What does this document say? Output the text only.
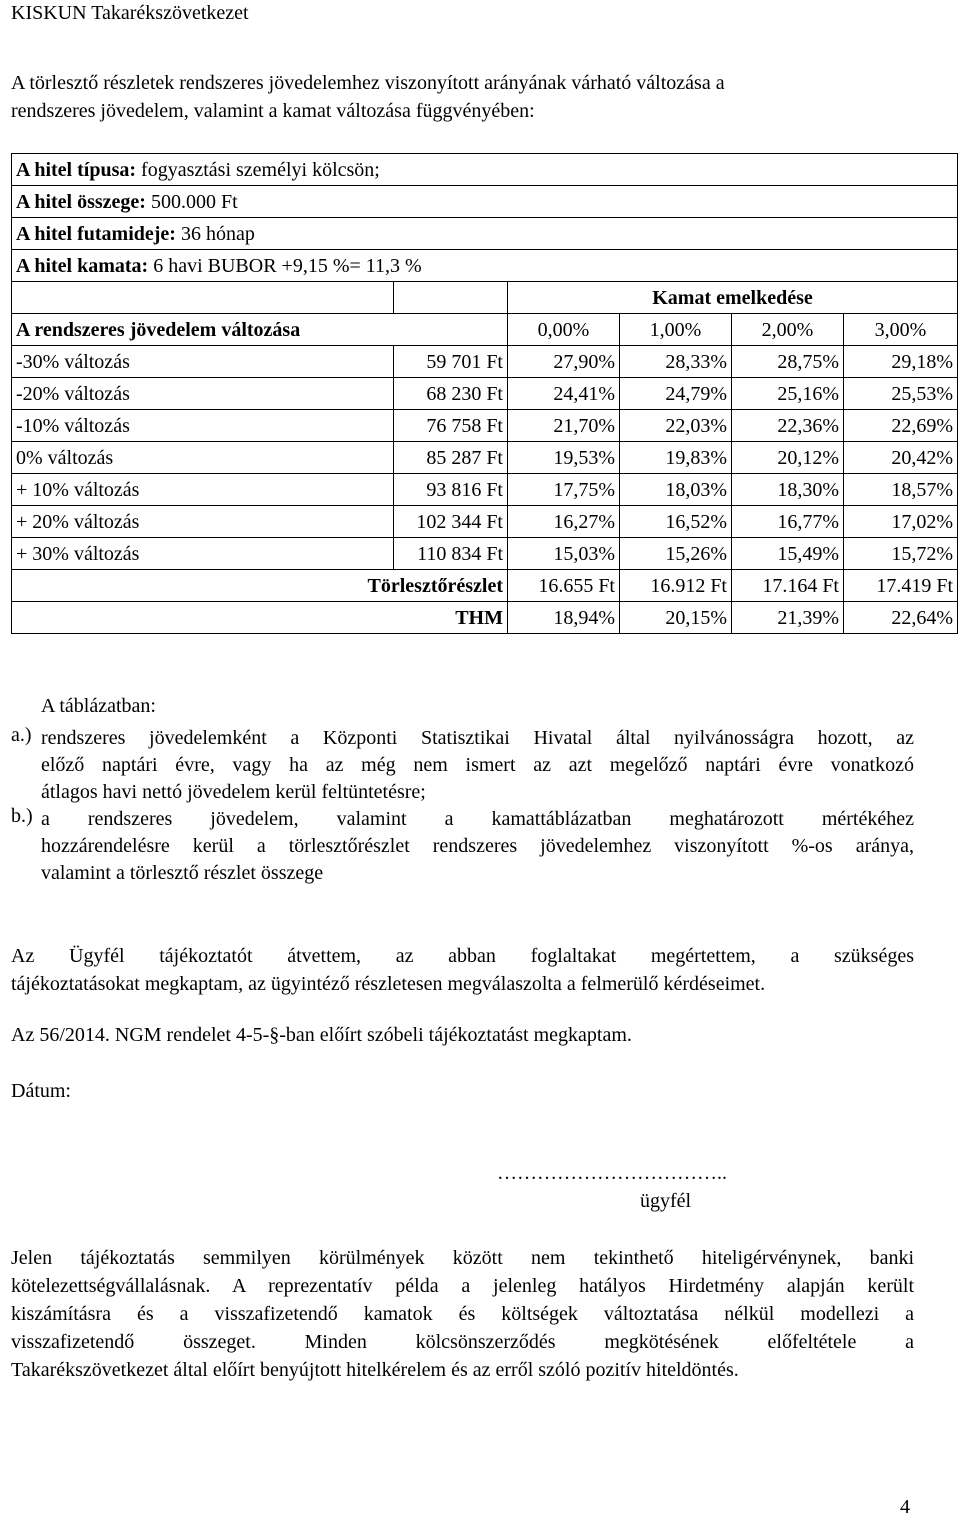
KISKUN Takarékszövetkezet
A törlesztő részletek rendszeres jövedelemhez viszonyított arányának várható változása a
rendszeres jövedelem, valamint a kamat változása függvényében:
A hitel típusa: fogyasztási személyi kölcsön;					
A hitel összege: 500.000 Ft					
A hitel futamideje: 36 hónap					
A hitel kamata: 6 havi BUBOR +9,15 %= 11,3 %					
		Kamat emelkedése			
A rendszeres jövedelem változása		0,00%	1,00%	2,00%	3,00%
-30% változás	59 701 Ft	27,90%	28,33%	28,75%	29,18%
-20% változás	68 230 Ft	24,41%	24,79%	25,16%	25,53%
-10% változás	76 758 Ft	21,70%	22,03%	22,36%	22,69%
0% változás	85 287 Ft	19,53%	19,83%	20,12%	20,42%
+ 10% változás	93 816 Ft	17,75%	18,03%	18,30%	18,57%
+ 20% változás	102 344 Ft	16,27%	16,52%	16,77%	17,02%
+ 30% változás	110 834 Ft	15,03%	15,26%	15,49%	15,72%
Törlesztőrészlet		16.655 Ft	16.912 Ft	17.164 Ft	17.419 Ft
THM		18,94%	20,15%	21,39%	22,64%
A táblázatban:
a.) rendszeres jövedelemként a Központi Statisztikai Hivatal által nyilvánosságra hozott, az
előző naptári évre, vagy ha az még nem ismert az azt megelőző naptári évre vonatkozó
átlagos havi nettó jövedelem kerül feltüntetésre;
b.) a rendszeres jövedelem, valamint a kamattáblázatban meghatározott mértékéhez
hozzárendelésre kerül a törlesztőrészlet rendszeres jövedelemhez viszonyított %-os aránya,
valamint a törlesztő részlet összege
Az Ügyfél tájékoztatót átvettem, az abban foglaltakat megértettem, a szükséges
tájékoztatásokat megkaptam, az ügyintéző részletesen megválaszolta a felmerülő kérdéseimet.
Az 56/2014. NGM rendelet 4-5-§-ban előírt szóbeli tájékoztatást megkaptam.
Dátum:
……………………………..
ügyfél
Jelen tájékoztatás semmilyen körülmények között nem tekinthető hiteligérvénynek, banki
kötelezettségvállalásnak. A reprezentatív példa a jelenleg hatályos Hirdetmény alapján került
kiszámításra és a visszafizetendő kamatok és költségek változtatása nélkül modellezi a
visszafizetendő összeget. Minden kölcsönszerződés megkötésének előfeltétele a
Takarékszövetkezet által előírt benyújtott hitelkérelem és az erről szóló pozitív hiteldöntés.
4
